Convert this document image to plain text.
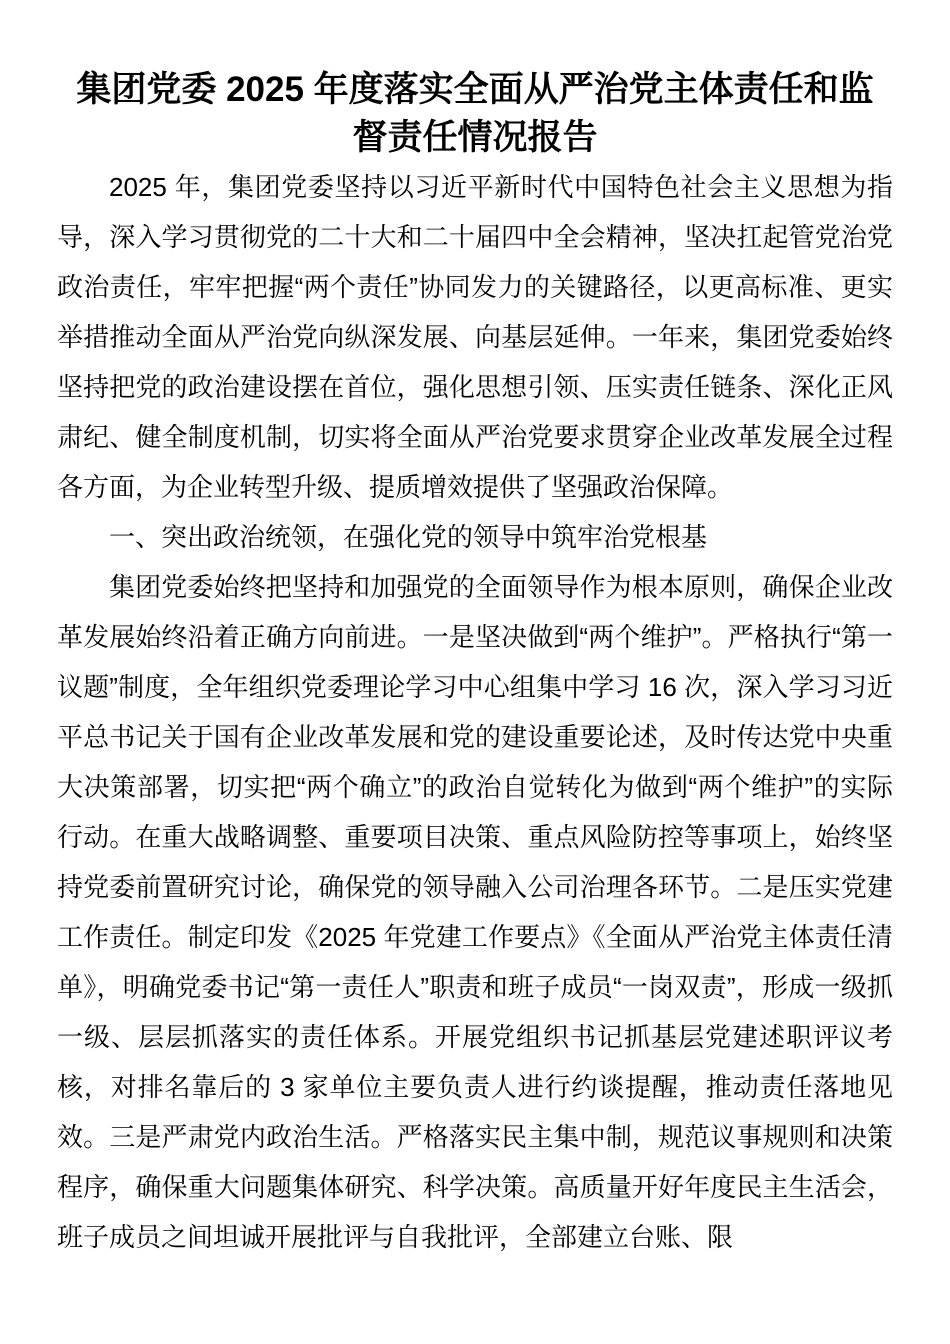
集团党委 2025 年度落实全面从严治党主体责任和监督责任情况报告

2025 年，集团党委坚持以习近平新时代中国特色社会主义思想为指导，深入学习贯彻党的二十大和二十届四中全会精神，坚决扛起管党治党政治责任，牢牢把握“两个责任”协同发力的关键路径，以更高标准、更实举措推动全面从严治党向纵深发展、向基层延伸。一年来，集团党委始终坚持把党的政治建设摆在首位，强化思想引领、压实责任链条、深化正风肃纪、健全制度机制，切实将全面从严治党要求贯穿企业改革发展全过程各方面，为企业转型升级、提质增效提供了坚强政治保障。

一、突出政治统领，在强化党的领导中筑牢治党根基

集团党委始终把坚持和加强党的全面领导作为根本原则，确保企业改革发展始终沿着正确方向前进。一是坚决做到“两个维护”。严格执行“第一议题”制度，全年组织党委理论学习中心组集中学习 16 次，深入学习习近平总书记关于国有企业改革发展和党的建设重要论述，及时传达党中央重大决策部署，切实把“两个确立”的政治自觉转化为做到“两个维护”的实际行动。在重大战略调整、重要项目决策、重点风险防控等事项上，始终坚持党委前置研究讨论，确保党的领导融入公司治理各环节。二是压实党建工作责任。制定印发《2025 年党建工作要点》《全面从严治党主体责任清单》，明确党委书记“第一责任人”职责和班子成员“一岗双责”，形成一级抓一级、层层抓落实的责任体系。开展党组织书记抓基层党建述职评议考核，对排名靠后的 3 家单位主要负责人进行约谈提醒，推动责任落地见效。三是严肃党内政治生活。严格落实民主集中制，规范议事规则和决策程序，确保重大问题集体研究、科学决策。高质量开好年度民主生活会，班子成员之间坦诚开展批评与自我批评，全部建立台账、限
